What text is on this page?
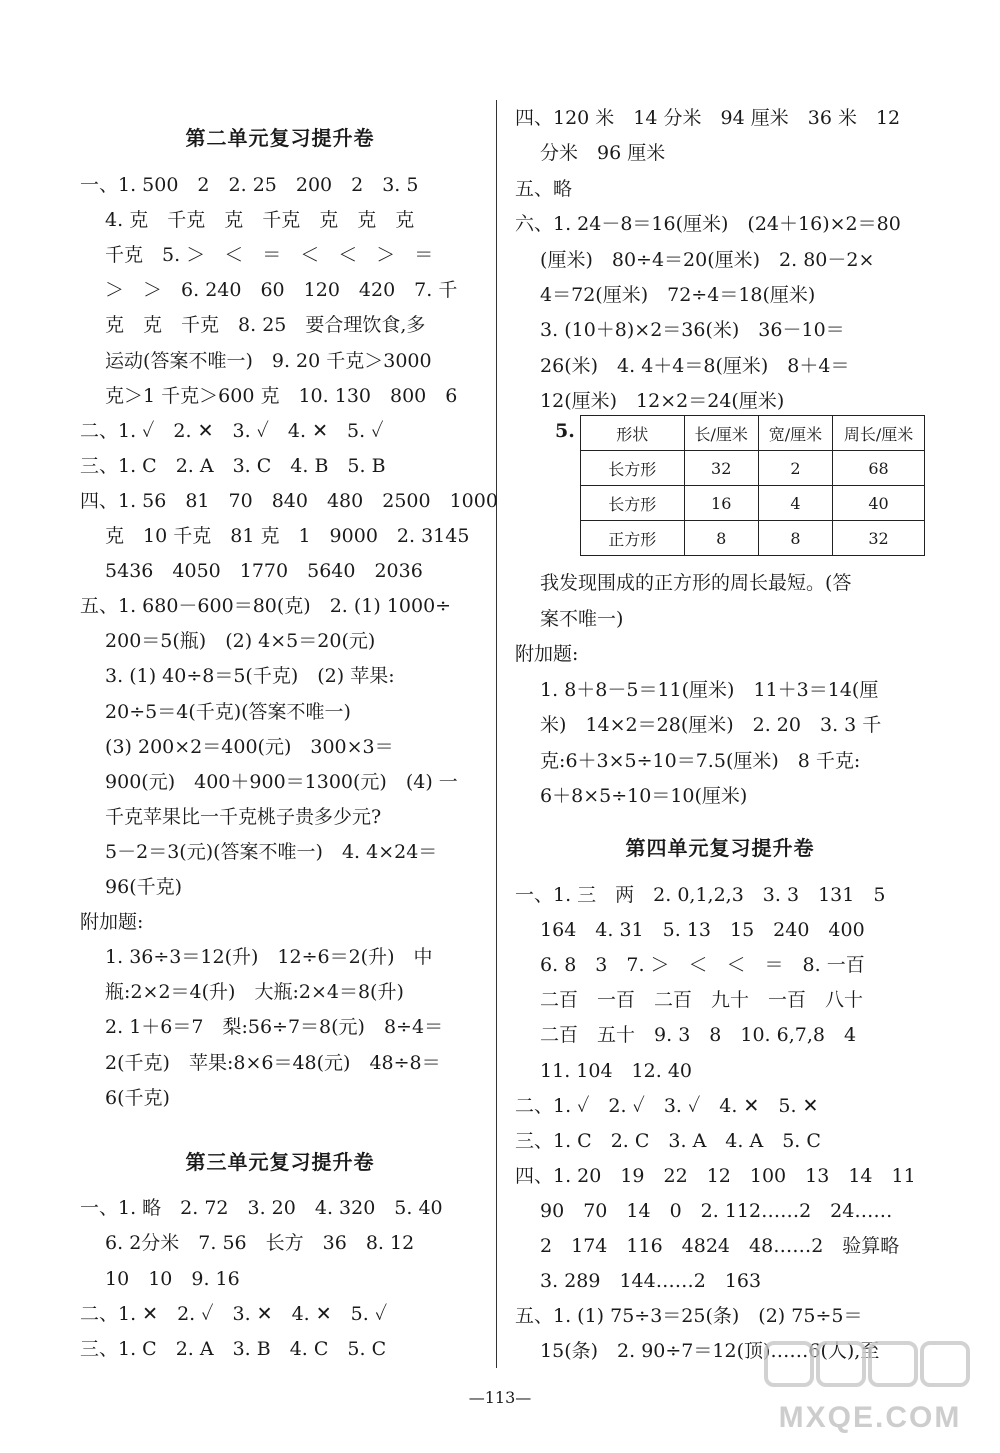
第二单元复习提升卷
一、1. 500　2　2. 25　200　2　3. 5
　 4. 克　千克　克　千克　克　克　克
　 千克　5. ＞　＜　＝　＜　＜　＞　＝
　 ＞　＞　6. 240　60　120　420　7. 千
　 克　克　千克　8. 25　要合理饮食,多
　 运动(答案不唯一)　9. 20 千克＞3000
　 克＞1 千克＞600 克　10. 130　800　6
二、1. ✓　2. ✕　3. ✓　4. ✕　5. ✓
三、1. C　2. A　3. C　4. B　5. B
四、1. 56　81　70　840　480　2500　1000
　 克　10 千克　81 克　1　9000　2. 3145
　 5436　4050　1770　5640　2036
五、1. 680－600＝80(克)　2. (1) 1000÷
　 200＝5(瓶)　(2) 4×5＝20(元)
　 3. (1) 40÷8＝5(千克)　(2) 苹果:
　 20÷5＝4(千克)(答案不唯一)
　 (3) 200×2＝400(元)　300×3＝
　 900(元)　400＋900＝1300(元)　(4) 一
　 千克苹果比一千克桃子贵多少元?
　 5－2＝3(元)(答案不唯一)　4. 4×24＝
　 96(千克)
附加题:
　 1. 36÷3＝12(升)　12÷6＝2(升)　中
　 瓶:2×2＝4(升)　大瓶:2×4＝8(升)
　 2. 1＋6＝7　梨:56÷7＝8(元)　8÷4＝
　 2(千克)　苹果:8×6＝48(元)　48÷8＝
　 6(千克)
第三单元复习提升卷
一、1. 略　2. 72　3. 20　4. 320　5. 40
　 6. 2分米　7. 56　长方　36　8. 12
　 10　10　9. 16
二、1. ✕　2. ✓　3. ✕　4. ✕　5. ✓
三、1. C　2. A　3. B　4. C　5. C
四、120 米　14 分米　94 厘米　36 米　12
　 分米　96 厘米
五、略
六、1. 24－8＝16(厘米)　(24＋16)×2＝80
　 (厘米)　80÷4＝20(厘米)　2. 80－2×
　 4＝72(厘米)　72÷4＝18(厘米)
　 3. (10＋8)×2＝36(米)　36－10＝
　 26(米)　4. 4＋4＝8(厘米)　8＋4＝
　 12(厘米)　12×2＝24(厘米)
5.	形状	长/厘米	宽/厘米	周长/厘米
长方形	32	2	68
长方形	16	4	40
正方形	8	8	32
　 我发现围成的正方形的周长最短。(答
　 案不唯一)
附加题:
　 1. 8＋8－5＝11(厘米)　11＋3＝14(厘
　 米)　14×2＝28(厘米)　2. 20　3. 3 千
　 克:6＋3×5÷10＝7.5(厘米)　8 千克:
　 6＋8×5÷10＝10(厘米)
第四单元复习提升卷
一、1. 三　两　2. 0,1,2,3　3. 3　131　5
　 164　4. 31　5. 13　15　240　400
　 6. 8　3　7. ＞　＜　＜　＝　8. 一百
　 二百　一百　二百　九十　一百　八十
　 二百　五十　9. 3　8　10. 6,7,8　4
　 11. 104　12. 40
二、1. ✓　2. ✓　3. ✓　4. ✕　5. ✕
三、1. C　2. C　3. A　4. A　5. C
四、1. 20　19　22　12　100　13　14　11
　 90　70　14　0　2. 112……2　24……
　 2　174　116　4824　48……2　验算略
　 3. 289　144……2　163
五、1. (1) 75÷3＝25(条)　(2) 75÷5＝
　 15(条)　2. 90÷7＝12(顶)……6(人),至
—113—
MXQE.COM
